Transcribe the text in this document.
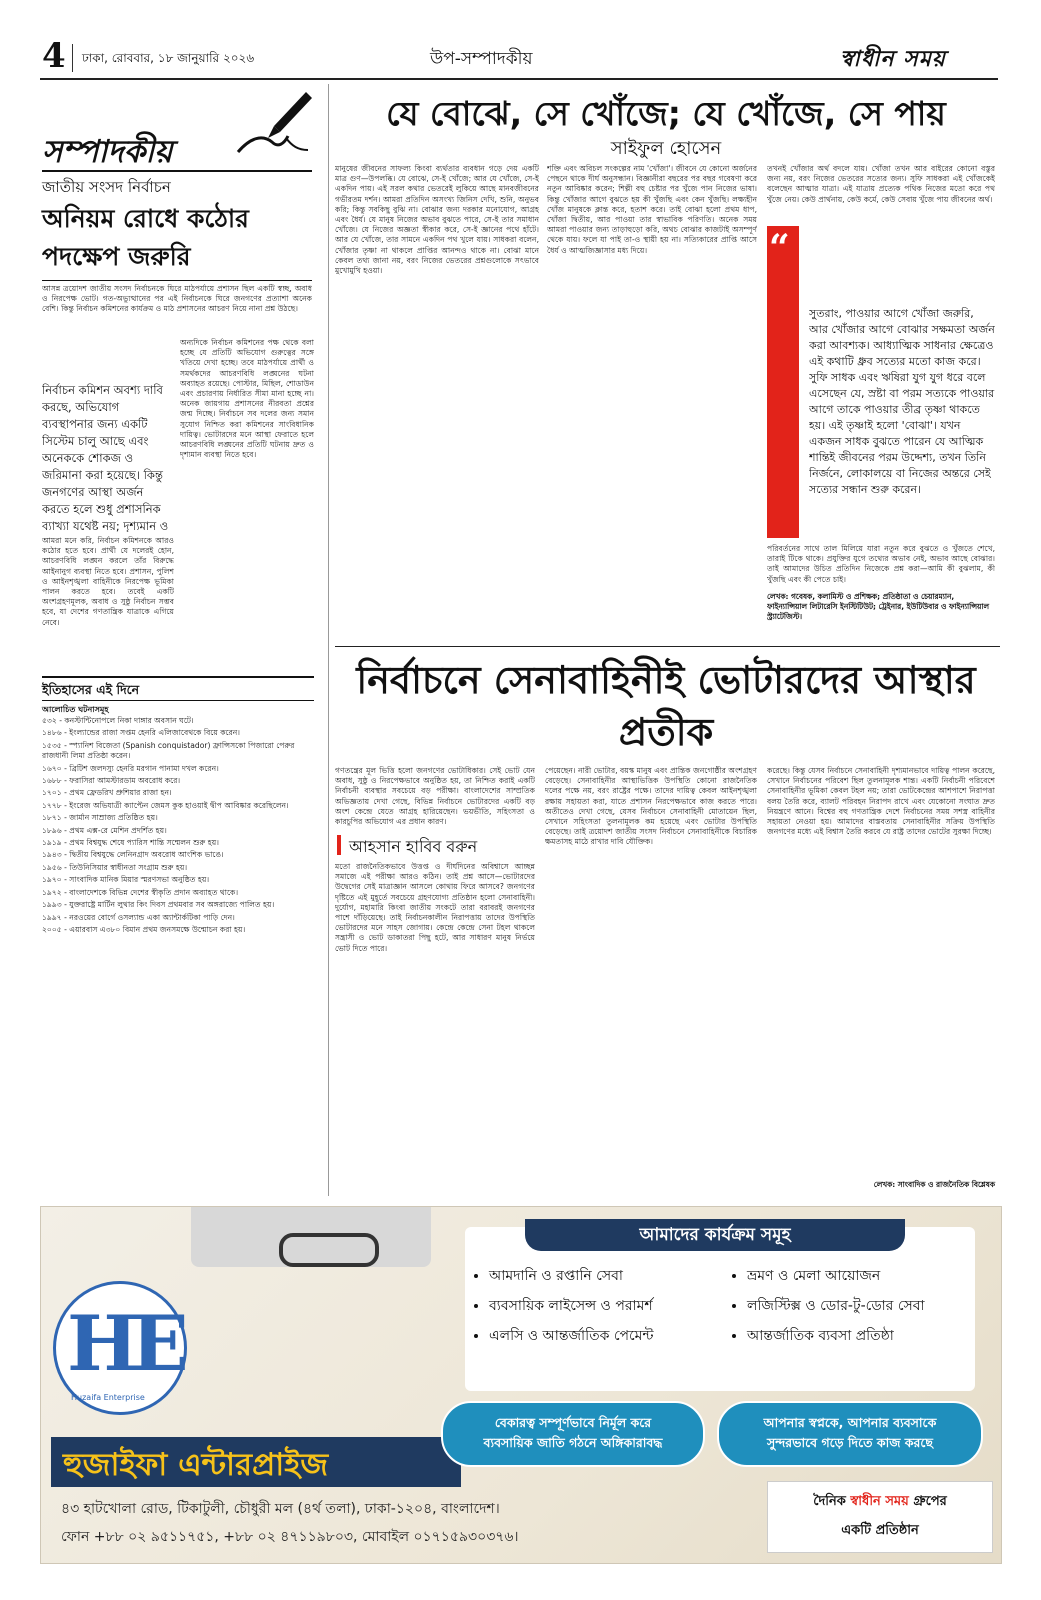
4 ঢাকা, রোববার, ১৮ জানুয়ারি ২০২৬	উপ-সম্পাদকীয়	স্বাধীন সময়
সম্পাদকীয়
জাতীয় সংসদ নির্বাচন
অনিয়ম রোধে কঠোর পদক্ষেপ জরুরি
আসন্ন ত্রয়োদশ জাতীয় সংসদ নির্বাচনকে ঘিরে মাঠপর্যায়ে প্রশাসন ছিল একটি স্বচ্ছ, অবাধ ও নিরপেক্ষ ভোট। গত-অভ্যুত্থানের পর এই নির্বাচনকে ঘিরে জনগণের প্রত্যাশা অনেক বেশি। কিন্তু নির্বাচন কমিশনের কার্যক্রম ও মাঠ প্রশাসনের আচরণ নিয়ে নানা প্রশ্ন উঠছে।
নির্বাচন কমিশন অবশ্য দাবি করছে, অভিযোগ ব্যবস্থাপনার জন্য একটি সিস্টেম চালু আছে এবং অনেককে শোকজ ও জরিমানা করা হয়েছে। কিন্তু জনগণের আস্থা অর্জন করতে হলে শুধু প্রশাসনিক ব্যাখ্যা যথেষ্ট নয়; দৃশ্যমান ও
অন্যদিকে নির্বাচন কমিশনের পক্ষ থেকে বলা হচ্ছে যে প্রতিটি অভিযোগ গুরুত্বের সঙ্গে খতিয়ে দেখা হচ্ছে। তবে মাঠপর্যায়ে প্রার্থী ও সমর্থকদের আচরণবিধি লঙ্ঘনের ঘটনা অব্যাহত রয়েছে। পোস্টার, মিছিল, শোডাউন এবং প্রচারণায় নির্ধারিত সীমা মানা হচ্ছে না। অনেক জায়গায় প্রশাসনের নীরবতা প্রশ্নের জন্ম দিচ্ছে। নির্বাচনে সব দলের জন্য সমান সুযোগ নিশ্চিত করা কমিশনের সাংবিধানিক দায়িত্ব। ভোটারদের মনে আস্থা ফেরাতে হলে আচরণবিধি লঙ্ঘনের প্রতিটি ঘটনায় দ্রুত ও দৃশ্যমান ব্যবস্থা নিতে হবে।
আমরা মনে করি, নির্বাচন কমিশনকে আরও কঠোর হতে হবে। প্রার্থী যে দলেরই হোন, আচরণবিধি লঙ্ঘন করলে তাঁর বিরুদ্ধে আইনানুগ ব্যবস্থা নিতে হবে। প্রশাসন, পুলিশ ও আইনশৃঙ্খলা বাহিনীকে নিরপেক্ষ ভূমিকা পালন করতে হবে। তবেই একটি অংশগ্রহণমূলক, অবাধ ও সুষ্ঠু নির্বাচন সম্ভব হবে, যা দেশের গণতান্ত্রিক যাত্রাকে এগিয়ে নেবে।
ইতিহাসের এই দিনে
আলোচিত ঘটনাসমূহ
৫৩২ - কনস্টান্টিনোপলে নিকা দাঙ্গার অবসান ঘটে।
১৪৮৬ - ইংল্যান্ডের রাজা সপ্তম হেনরি এলিজাবেথকে বিয়ে করেন।
১৫৩৫ - স্প্যানিশ বিজেতা (Spanish conquistador) ফ্রান্সিসকো পিজারো পেরুর রাজধানী লিমা প্রতিষ্ঠা করেন।
১৬৭০ - ব্রিটিশ জলদস্যু হেনরি মরগান পানামা দখল করেন।
১৬৮৮ - ফরাসিরা আমস্টারডাম অবরোধ করে।
১৭০১ - প্রথম ফ্রেডরিখ প্রুশিয়ার রাজা হন।
১৭৭৮ - ইংরেজ অভিযাত্রী ক্যাপ্টেন জেমস কুক হাওয়াই দ্বীপ আবিষ্কার করেছিলেন।
১৮৭১ - জার্মান সাম্রাজ্য প্রতিষ্ঠিত হয়।
১৮৯৬ - প্রথম এক্স-রে মেশিন প্রদর্শিত হয়।
১৯১৯ - প্রথম বিশ্বযুদ্ধ শেষে প্যারিস শান্তি সম্মেলন শুরু হয়।
১৯৪৩ - দ্বিতীয় বিশ্বযুদ্ধে লেনিনগ্রাদ অবরোধ আংশিক ভাঙে।
১৯৫৬ - তিউনিসিয়ার স্বাধীনতা সংগ্রাম শুরু হয়।
১৯৭০ - সাংবাদিক মানিক মিয়ার স্মরণসভা অনুষ্ঠিত হয়।
১৯৭২ - বাংলাদেশকে বিভিন্ন দেশের স্বীকৃতি প্রদান অব্যাহত থাকে।
১৯৯৩ - যুক্তরাষ্ট্রে মার্টিন লুথার কিং দিবস প্রথমবার সব অঙ্গরাজ্যে পালিত হয়।
১৯৯৭ - নরওয়ের বোর্গে ওসল্যান্ড একা অ্যান্টার্কটিকা পাড়ি দেন।
২০০৫ - এয়ারবাস এ৩৮০ বিমান প্রথম জনসমক্ষে উন্মোচন করা হয়।
যে বোঝে, সে খোঁজে; যে খোঁজে, সে পায়
সাইফুল হোসেন
মানুষের জীবনের সাফল্য কিংবা ব্যর্থতার ব্যবধান গড়ে দেয় একটি মাত্র গুণ—উপলব্ধি। যে বোঝে, সে-ই খোঁজে; আর যে খোঁজে, সে-ই একদিন পায়। এই সরল কথার ভেতরেই লুকিয়ে আছে মানবজীবনের গভীরতম দর্শন। আমরা প্রতিদিন অসংখ্য জিনিস দেখি, শুনি, অনুভব করি; কিন্তু সবকিছু বুঝি না। বোঝার জন্য দরকার মনোযোগ, আগ্রহ এবং ধৈর্য। যে মানুষ নিজের অভাব বুঝতে পারে, সে-ই তার সমাধান খোঁজে। যে নিজের অজ্ঞতা স্বীকার করে, সে-ই জ্ঞানের পথে হাঁটে। আর যে খোঁজে, তার সামনে একদিন পথ খুলে যায়। সাধকরা বলেন, খোঁজার তৃষ্ণা না থাকলে প্রাপ্তির আনন্দও থাকে না। বোঝা মানে কেবল তথ্য জানা নয়, বরং নিজের ভেতরের প্রশ্নগুলোকে সৎভাবে মুখোমুখি হওয়া।
শক্তি এবং অবিচল সংকল্পের নাম 'খোঁজা'। জীবনে যে কোনো অর্জনের পেছনে থাকে দীর্ঘ অনুসন্ধান। বিজ্ঞানীরা বছরের পর বছর গবেষণা করে নতুন আবিষ্কার করেন; শিল্পী বহু চেষ্টার পর খুঁজে পান নিজের ভাষা। কিন্তু খোঁজার আগে বুঝতে হয় কী খুঁজছি এবং কেন খুঁজছি। লক্ষ্যহীন খোঁজ মানুষকে ক্লান্ত করে, হতাশ করে। তাই বোঝা হলো প্রথম ধাপ, খোঁজা দ্বিতীয়, আর পাওয়া তার স্বাভাবিক পরিণতি। অনেক সময় আমরা পাওয়ার জন্য তাড়াহুড়ো করি, অথচ বোঝার কাজটাই অসম্পূর্ণ থেকে যায়। ফলে যা পাই তা-ও স্থায়ী হয় না। সত্যিকারের প্রাপ্তি আসে ধৈর্য ও আত্মজিজ্ঞাসার মধ্য দিয়ে।
তখনই খোঁজার অর্থ বদলে যায়। খোঁজা তখন আর বাইরের কোনো বস্তুর জন্য নয়, বরং নিজের ভেতরের সত্যের জন্য। সুফি সাধকরা এই খোঁজকেই বলেছেন আত্মার যাত্রা। এই যাত্রায় প্রত্যেক পথিক নিজের মতো করে পথ খুঁজে নেয়। কেউ প্রার্থনায়, কেউ কর্মে, কেউ সেবায় খুঁজে পায় জীবনের অর্থ।
“
সুতরাং, পাওয়ার আগে খোঁজা জরুরি, আর খোঁজার আগে বোঝার সক্ষমতা অর্জন করা আবশ্যক। আধ্যাত্মিক সাধনার ক্ষেত্রেও এই কথাটি ধ্রুব সত্যের মতো কাজ করে। সুফি সাধক এবং ঋষিরা যুগ যুগ ধরে বলে এসেছেন যে, স্রষ্টা বা পরম সত্যকে পাওয়ার আগে তাকে পাওয়ার তীব্র তৃষ্ণা থাকতে হয়। এই তৃষ্ণাই হলো 'বোঝা'। যখন একজন সাধক বুঝতে পারেন যে আত্মিক শান্তিই জীবনের পরম উদ্দেশ্য, তখন তিনি নির্জনে, লোকালয়ে বা নিজের অন্তরে সেই সত্যের সন্ধান শুরু করেন।
পরিবর্তনের সাথে তাল মিলিয়ে যারা নতুন করে বুঝতে ও খুঁজতে শেখে, তারাই টিকে থাকে। প্রযুক্তির যুগে তথ্যের অভাব নেই, অভাব আছে বোঝার। তাই আমাদের উচিত প্রতিদিন নিজেকে প্রশ্ন করা—আমি কী বুঝলাম, কী খুঁজছি এবং কী পেতে চাই।
লেখক: গবেষক, কলামিস্ট ও প্রশিক্ষক; প্রতিষ্ঠাতা ও চেয়ারম্যান, ফাইন্যান্সিয়াল লিটারেসি ইনস্টিটিউট; ট্রেইনার, ইউটিউবার ও ফাইন্যান্সিয়াল স্ট্র্যাটেজিস্ট।
নির্বাচনে সেনাবাহিনীই ভোটারদের আস্থার প্রতীক
গণতন্ত্রের মূল ভিত্তি হলো জনগণের ভোটাধিকার। সেই ভোট যেন অবাধ, সুষ্ঠু ও নিরপেক্ষভাবে অনুষ্ঠিত হয়, তা নিশ্চিত করাই একটি নির্বাচনী ব্যবস্থার সবচেয়ে বড় পরীক্ষা। বাংলাদেশের সাম্প্রতিক অভিজ্ঞতায় দেখা গেছে, বিভিন্ন নির্বাচনে ভোটারদের একটি বড় অংশ কেন্দ্রে যেতে আগ্রহ হারিয়েছেন। ভয়ভীতি, সহিংসতা ও কারচুপির অভিযোগ এর প্রধান কারণ।
আহসান হাবিব বরুন
মতো রাজনৈতিকভাবে উত্তপ্ত ও দীর্ঘদিনের অবিশ্বাসে আচ্ছন্ন সমাজে এই পরীক্ষা আরও কঠিন। তাই প্রশ্ন আসে—ভোটারদের উদ্বেগের সেই মাত্রাজ্ঞান আসলে কোথায় ফিরে আসবে? জনগণের দৃষ্টিতে এই মুহূর্তে সবচেয়ে গ্রহণযোগ্য প্রতিষ্ঠান হলো সেনাবাহিনী। দুর্যোগ, মহামারি কিংবা জাতীয় সংকটে তারা বরাবরই জনগণের পাশে দাঁড়িয়েছে। তাই নির্বাচনকালীন নিরাপত্তায় তাদের উপস্থিতি ভোটারদের মনে সাহস জোগায়। কেন্দ্রে কেন্দ্রে সেনা টহল থাকলে সন্ত্রাসী ও ভোট ডাকাতরা পিছু হটে, আর সাধারণ মানুষ নির্ভয়ে ভোট দিতে পারে।
পেয়েছেন। নারী ভোটার, বয়স্ক মানুষ এবং প্রান্তিক জনগোষ্ঠীর অংশগ্রহণ বেড়েছে। সেনাবাহিনীর আস্থাভিত্তিক উপস্থিতি কোনো রাজনৈতিক দলের পক্ষে নয়, বরং রাষ্ট্রের পক্ষে। তাদের দায়িত্ব কেবল আইনশৃঙ্খলা রক্ষায় সহায়তা করা, যাতে প্রশাসন নিরপেক্ষভাবে কাজ করতে পারে। অতীতেও দেখা গেছে, যেসব নির্বাচনে সেনাবাহিনী মোতায়েন ছিল, সেখানে সহিংসতা তুলনামূলক কম হয়েছে এবং ভোটার উপস্থিতি বেড়েছে। তাই ত্রয়োদশ জাতীয় সংসদ নির্বাচনে সেনাবাহিনীকে বিচারিক ক্ষমতাসহ মাঠে রাখার দাবি যৌক্তিক।
করেছে। কিন্তু যেসব নির্বাচনে সেনাবাহিনী দৃশ্যমানভাবে দায়িত্ব পালন করেছে, সেখানে নির্বাচনের পরিবেশ ছিল তুলনামূলক শান্ত। একটি নির্বাচনী পরিবেশে সেনাবাহিনীর ভূমিকা কেবল টহল নয়; তারা ভোটকেন্দ্রের আশপাশে নিরাপত্তা বলয় তৈরি করে, ব্যালট পরিবহন নিরাপদ রাখে এবং যেকোনো সংঘাত দ্রুত নিয়ন্ত্রণে আনে। বিশ্বের বহু গণতান্ত্রিক দেশে নির্বাচনের সময় সশস্ত্র বাহিনীর সহায়তা নেওয়া হয়। আমাদের বাস্তবতায় সেনাবাহিনীর সক্রিয় উপস্থিতি জনগণের মধ্যে এই বিশ্বাস তৈরি করবে যে রাষ্ট্র তাদের ভোটের সুরক্ষা দিচ্ছে।
লেখক: সাংবাদিক ও রাজনৈতিক বিশ্লেষক
HE
Huzaifa Enterprise
হুজাইফা এন্টারপ্রাইজ
আমাদের কার্যক্রম সমূহ
• আমদানি ও রপ্তানি সেবা
• ব্যবসায়িক লাইসেন্স ও পরামর্শ
• এলসি ও আন্তর্জাতিক পেমেন্ট
• ভ্রমণ ও মেলা আয়োজন
• লজিস্টিক্স ও ডোর-টু-ডোর সেবা
• আন্তর্জাতিক ব্যবসা প্রতিষ্ঠা
বেকারত্ব সম্পূর্ণভাবে নির্মূল করে ব্যবসায়িক জাতি গঠনে অঙ্গিকারাবদ্ধ
আপনার স্বপ্নকে, আপনার ব্যবসাকে সুন্দরভাবে গড়ে দিতে কাজ করছে
৪৩ হাটখোলা রোড, টিকাটুলী, চৌধুরী মল (৪র্থ তলা), ঢাকা-১২০৪, বাংলাদেশ।
ফোন +৮৮ ০২ ৯৫১১৭৫১, +৮৮ ০২ ৪৭১১৯৮০৩, মোবাইল ০১৭১৫৯৩০৩৭৬।
দৈনিক স্বাধীন সময় গ্রুপের
একটি প্রতিষ্ঠান
